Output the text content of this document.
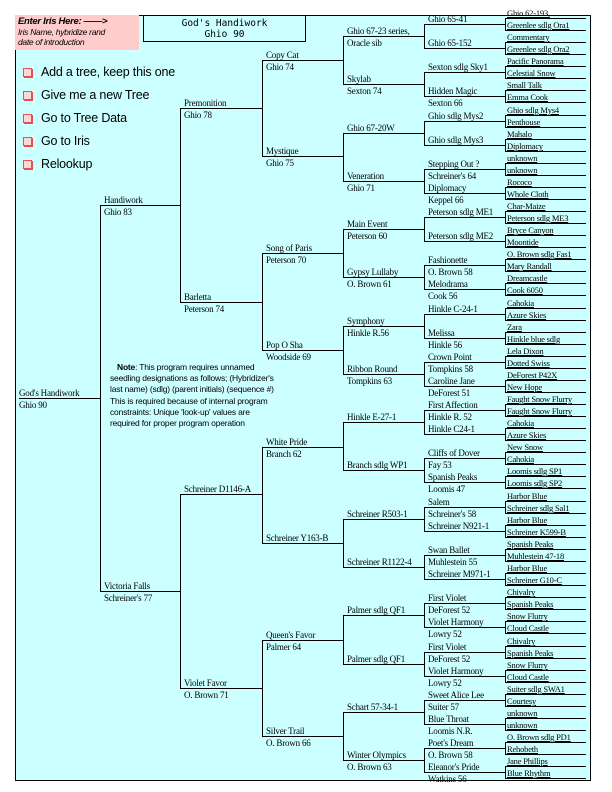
Enter Iris Here: ——>
Iris Name, hybridize rand
date of introduction
God's Handiwork
Ghio 90
Add a tree, keep this one
Give me a new Tree
Go to Tree Data
Go to Iris
Relookup
Note: This program requires unnamed
seedling designations as follows; (Hybridizer's
last name) (sdlg) (parent initials) (sequence #)
This is required because of internal program
constraints: Unique 'look-up' values are
required for proper program operation
God's Handiwork
Ghio 90
Handiwork
Ghio 83
Victoria Falls
Schreiner's 77
Premonition
Ghio 78
Barletta
Peterson 74
Schreiner D1146-A
Violet Favor
O. Brown 71
Copy Cat
Ghio 74
Mystique
Ghio 75
Song of Paris
Peterson 70
Pop O Sha
Woodside 69
White Pride
Branch 62
Schreiner Y163-B
Queen's Favor
Palmer 64
Silver Trail
O. Brown 66
Ghio 67-23 series,
Oracle sib
Skylab
Sexton 74
Ghio 67-20W
Veneration
Ghio 71
Main Event
Peterson 60
Gypsy Lullaby
O. Brown 61
Symphony
Hinkle R.56
Ribbon Round
Tompkins 63
Hinkle E-27-1
Branch sdlg WP1
Schreiner R503-1
Schreiner R1122-4
Palmer sdlg QF1
Palmer sdlg QF1
Schart 57-34-1
Winter Olympics
O. Brown 63
Ghio 65-41
Ghio 65-152
Sexton sdlg Sky1
Hidden Magic
Sexton 66
Ghio sdlg Mys2
Ghio sdlg Mys3
Stepping Out ?
Schreiner's 64
Diplomacy
Keppel 66
Peterson sdlg ME1
Peterson sdlg ME2
Fashionette
O. Brown 58
Melodrama
Cook 56
Hinkle C-24-1
Melissa
Hinkle 56
Crown Point
Tompkins 58
Caroline Jane
DeForest 51
First Affection
Hinkle R. 52
Hinkle C24-1
Cliffs of Dover
Fay 53
Spanish Peaks
Loomis 47
Salem
Schreiner's 58
Schreiner N921-1
Swan Ballet
Muhlestein 55
Schreiner M971-1
First Violet
DeForest 52
Violet Harmony
Lowry 52
First Violet
DeForest 52
Violet Harmony
Lowry 52
Sweet Alice Lee
Suiter 57
Blue Throat
Loomis N.R.
Poet's Dream
O. Brown 58
Eleanor's Pride
Watkins 56
Ghio 62-193,
Greenlee sdlg Ora1
Commentary
Greenlee sdlg Ora2
Pacific Panorama
Celestial Snow
Small Talk
Emma Cook
Ghio sdlg Mys4
Penthouse
Mahalo
Diplomacy
unknown
unknown
Rococo
Whole Cloth
Char-Maize
Peterson sdlg ME3
Bryce Canyon
Moontide
O. Brown sdlg Fas1
Mary Randall
Dreamcastle
Cook 6050
Cahokia
Azure Skies
Zara
Hinkle blue sdlg
Lela Dixon
Dotted Swiss
DeForest P42X
New Hope
Faught Snow Flurry
Faught Snow Flurry
Cahokia
Azure Skies
New Snow
Cahokia
Loomis sdlg SP1
Loomis sdlg SP2
Harbor Blue
Schreiner sdlg Sal1
Harbor Blue
Schreiner K599-B
Spanish Peaks
Muhlestein 47-18
Harbor Blue
Schreiner G10-C
Chivalry
Spanish Peaks
Snow Flurry
Cloud Castle
Chivalry
Spanish Peaks
Snow Flurry
Cloud Castle
Suiter sdlg SWA1
Courtesy
unknown
unknown
O. Brown sdlg PD1
Rehobeth
Jane Phillips
Blue Rhythm
